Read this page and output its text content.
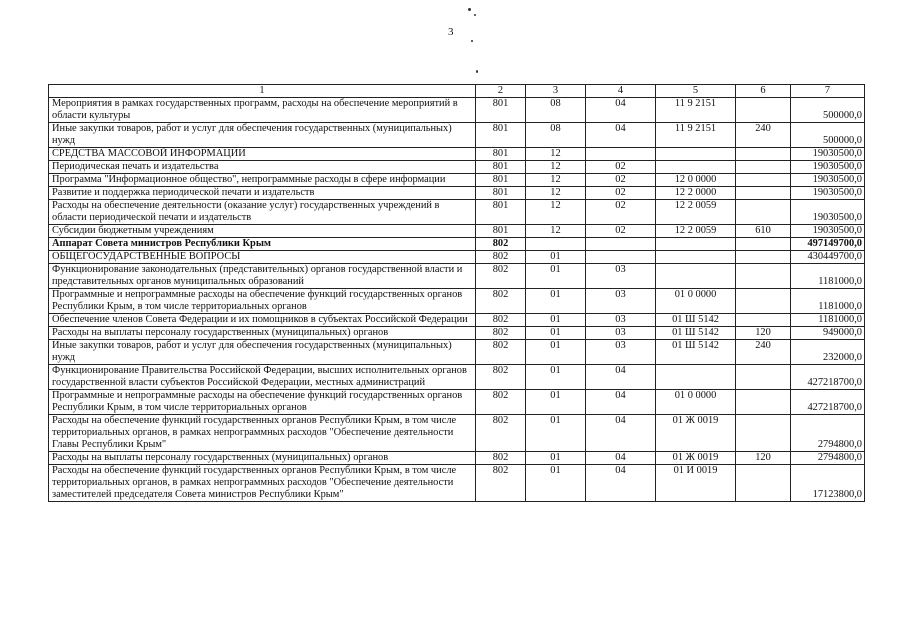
3
1	2	3	4	5	6	7
Мероприятия в рамках государственных программ, расходы на обеспечение мероприятий в области культуры	801	08	04	11 9 2151		500000,0
Иные закупки товаров, работ и услуг для обеспечения государственных (муниципальных) нужд	801	08	04	11 9 2151	240	500000,0
СРЕДСТВА МАССОВОЙ ИНФОРМАЦИИ	801	12				19030500,0
Периодическая печать и издательства	801	12	02			19030500,0
Программа "Информационное общество", непрограммные расходы в сфере информации	801	12	02	12 0 0000		19030500,0
Развитие и поддержка периодической печати и издательств	801	12	02	12 2 0000		19030500,0
Расходы на обеспечение деятельности (оказание услуг) государственных учреждений в области периодической печати и издательств	801	12	02	12 2 0059		19030500,0
Субсидии бюджетным учреждениям	801	12	02	12 2 0059	610	19030500,0
Аппарат Совета министров Республики Крым	802					497149700,0
ОБЩЕГОСУДАРСТВЕННЫЕ ВОПРОСЫ	802	01				430449700,0
Функционирование законодательных (представительных) органов государственной власти и представительных органов муниципальных образований	802	01	03			1181000,0
Программные и непрограммные расходы на обеспечение функций государственных органов Республики Крым, в том числе территориальных органов	802	01	03	01 0 0000		1181000,0
Обеспечение членов Совета Федерации и их помощников в субъектах Российской Федерации	802	01	03	01 Ш 5142		1181000,0
Расходы на выплаты персоналу государственных (муниципальных) органов	802	01	03	01 Ш 5142	120	949000,0
Иные закупки товаров, работ и услуг для обеспечения государственных (муниципальных) нужд	802	01	03	01 Ш 5142	240	232000,0
Функционирование Правительства Российской Федерации, высших исполнительных органов государственной власти субъектов Российской Федерации, местных администраций	802	01	04			427218700,0
Программные и непрограммные расходы на обеспечение функций государственных органов Республики Крым, в том числе территориальных органов	802	01	04	01 0 0000		427218700,0
Расходы на обеспечение функций государственных органов Республики Крым, в том числе территориальных органов, в рамках непрограммных расходов "Обеспечение деятельности Главы Республики Крым"	802	01	04	01 Ж 0019		2794800,0
Расходы на выплаты персоналу государственных (муниципальных) органов	802	01	04	01 Ж 0019	120	2794800,0
Расходы на обеспечение функций государственных органов Республики Крым, в том числе территориальных органов, в рамках непрограммных расходов "Обеспечение деятельности заместителей председателя Совета министров Республики Крым"	802	01	04	01 И 0019		17123800,0
